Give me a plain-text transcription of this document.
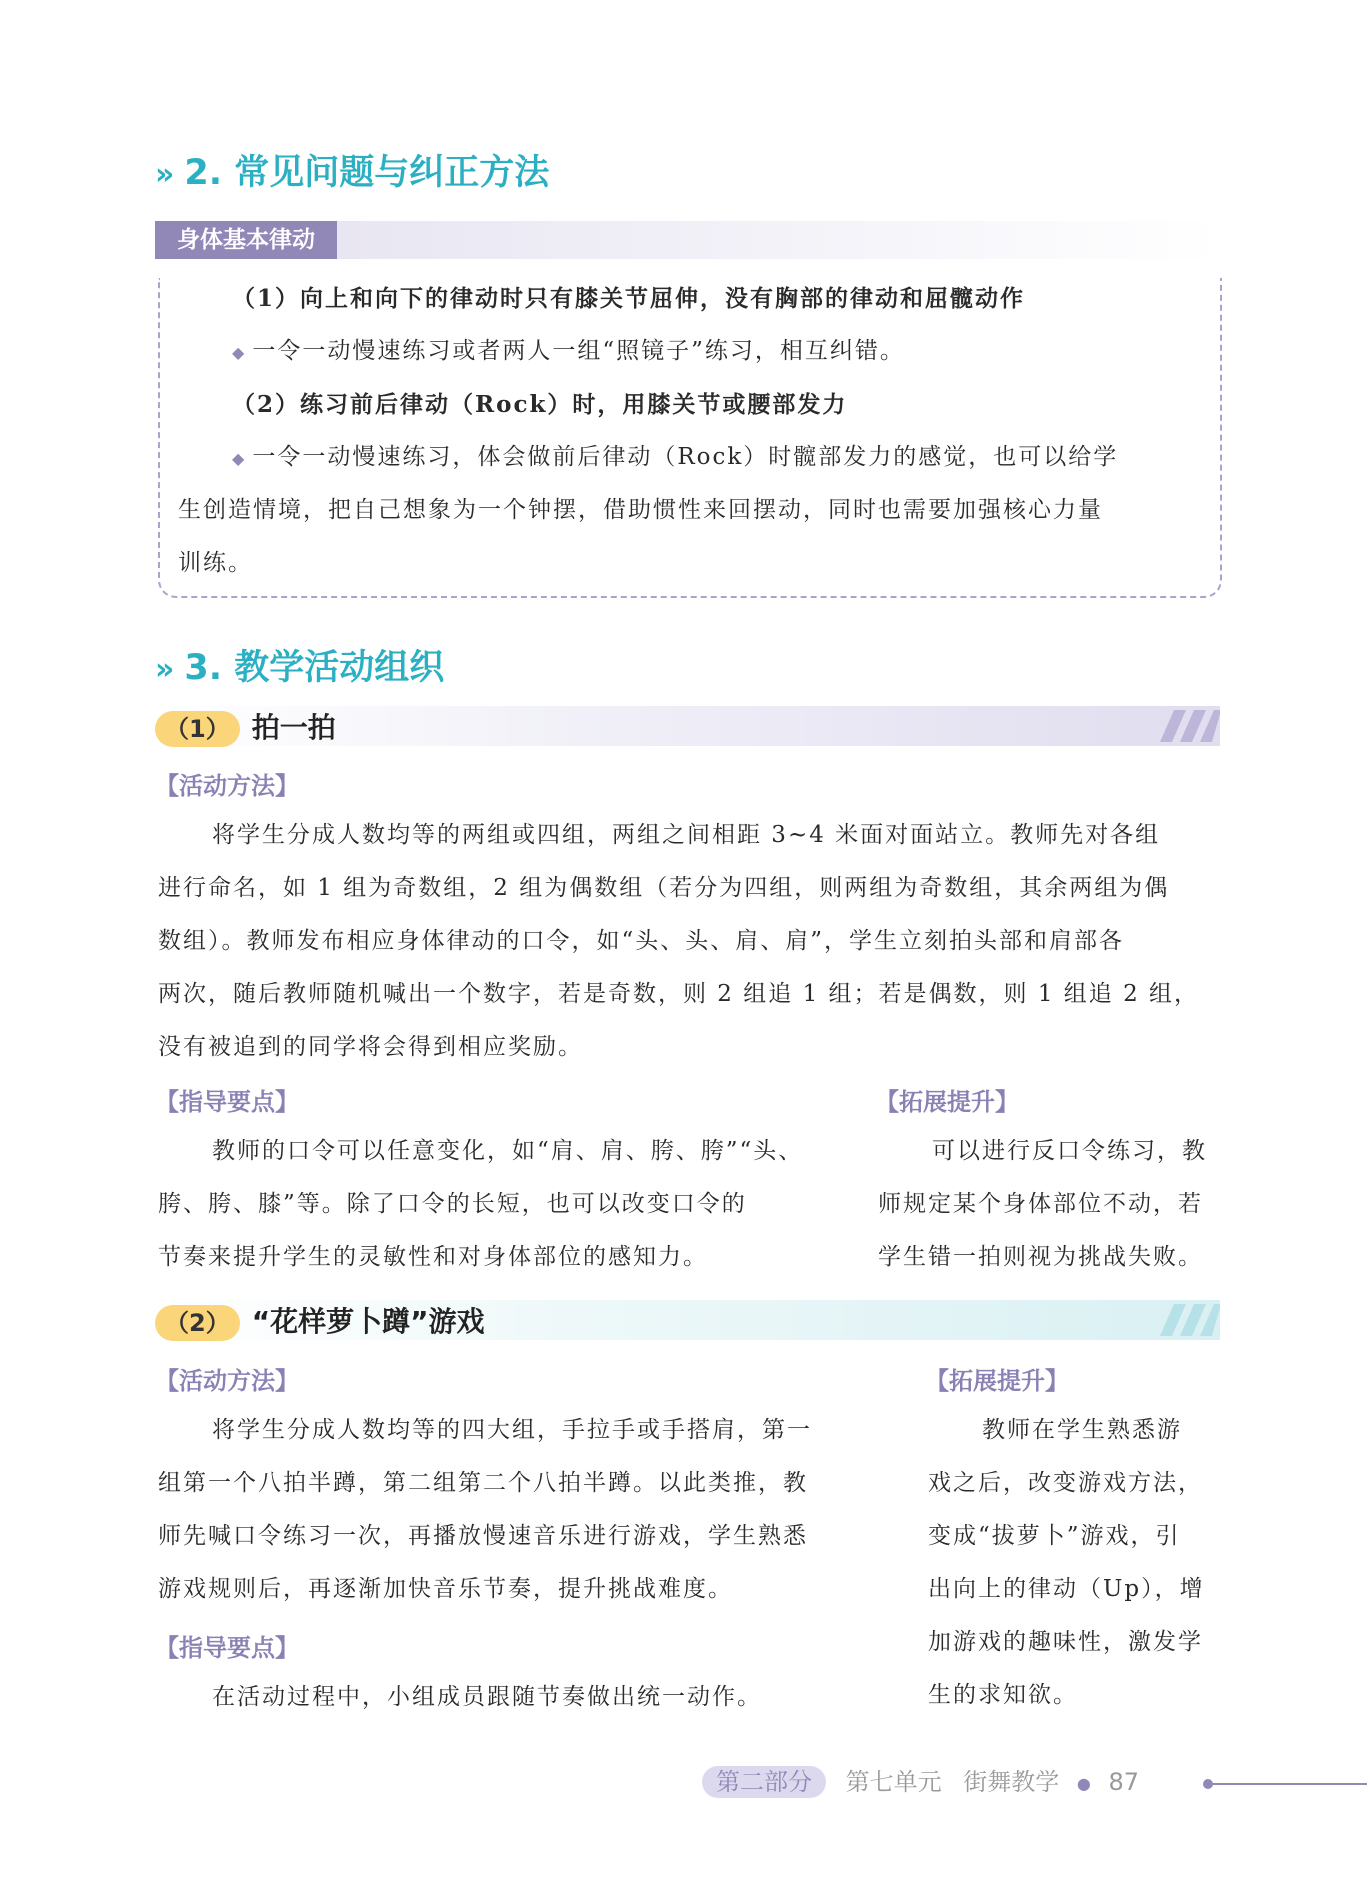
» 2. 常见问题与纠正方法
身体基本律动
（1）向上和向下的律动时只有膝关节屈伸，没有胸部的律动和屈髋动作
◆ 一令一动慢速练习或者两人一组“照镜子”练习，相互纠错。
（2）练习前后律动（Rock）时，用膝关节或腰部发力
◆ 一令一动慢速练习，体会做前后律动（Rock）时髋部发力的感觉，也可以给学
生创造情境，把自己想象为一个钟摆，借助惯性来回摆动，同时也需要加强核心力量
训练。
» 3. 教学活动组织
（1） 拍一拍
【活动方法】
将学生分成人数均等的两组或四组，两组之间相距 3~4 米面对面站立。教师先对各组
进行命名，如 1 组为奇数组，2 组为偶数组（若分为四组，则两组为奇数组，其余两组为偶
数组）。教师发布相应身体律动的口令，如“头、头、肩、肩”，学生立刻拍头部和肩部各
两次，随后教师随机喊出一个数字，若是奇数，则 2 组追 1 组；若是偶数，则 1 组追 2 组，
没有被追到的同学将会得到相应奖励。
【指导要点】
教师的口令可以任意变化，如“肩、肩、胯、胯”“头、
胯、胯、膝”等。除了口令的长短，也可以改变口令的
节奏来提升学生的灵敏性和对身体部位的感知力。
【拓展提升】
可以进行反口令练习，教
师规定某个身体部位不动，若
学生错一拍则视为挑战失败。
（2） “花样萝卜蹲”游戏
【活动方法】
将学生分成人数均等的四大组，手拉手或手搭肩，第一
组第一个八拍半蹲，第二组第二个八拍半蹲。以此类推，教
师先喊口令练习一次，再播放慢速音乐进行游戏，学生熟悉
游戏规则后，再逐渐加快音乐节奏，提升挑战难度。
【指导要点】
在活动过程中，小组成员跟随节奏做出统一动作。
【拓展提升】
教师在学生熟悉游
戏之后，改变游戏方法，
变成“拔萝卜”游戏，引
出向上的律动（Up），增
加游戏的趣味性，激发学
生的求知欲。
第二部分 第七单元 街舞教学 ● 87
